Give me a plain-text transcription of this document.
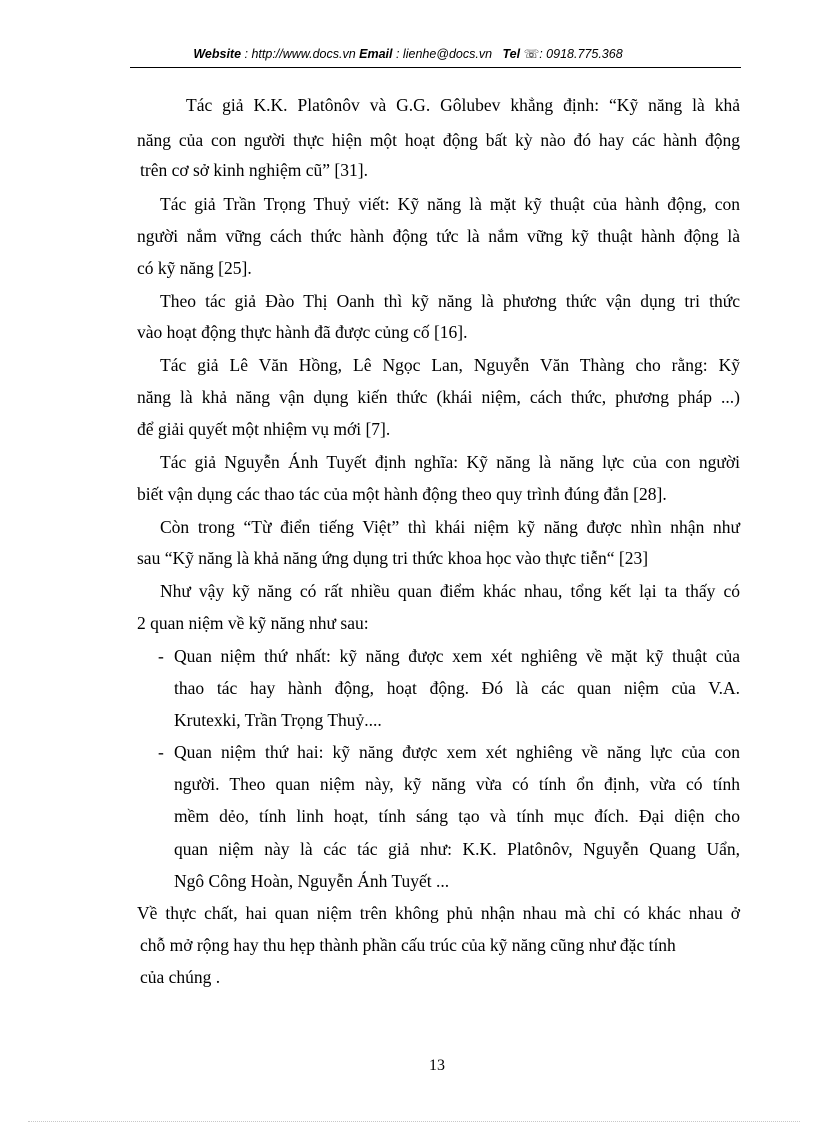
Website : http://www.docs.vn Email : lienhe@docs.vn   Tel ☏: 0918.775.368
Tác giả K.K. Platônôv và G.G. Gôlubev khẳng định: “Kỹ năng là khả
năng của con người thực hiện một hoạt động bất kỳ nào đó hay các hành động
trên cơ sở kinh nghiệm cũ” [31].
Tác giả Trần Trọng Thuỷ viết: Kỹ năng là mặt kỹ thuật của hành động, con
người nắm vững cách thức hành động tức là nắm vững kỹ thuật hành động là
có kỹ năng [25].
Theo tác giả Đào Thị Oanh thì kỹ năng là phương thức vận dụng tri thức
vào hoạt động thực hành đã được củng cố [16].
Tác giả Lê Văn Hồng, Lê Ngọc Lan, Nguyễn Văn Thàng cho rằng: Kỹ
năng là khả năng vận dụng kiến thức (khái niệm, cách thức, phương pháp ...)
để giải quyết một nhiệm vụ mới [7].
Tác giả Nguyễn Ánh Tuyết định nghĩa: Kỹ năng là năng lực của con người
biết vận dụng các thao tác của một hành động theo quy trình đúng đắn [28].
Còn trong “Từ điển tiếng Việt” thì khái niệm kỹ năng được nhìn nhận như
sau “Kỹ năng là khả năng ứng dụng tri thức khoa học vào thực tiễn“ [23]
Như vậy kỹ năng có rất nhiều quan điểm khác nhau, tổng kết lại ta thấy có
2 quan niệm về kỹ năng như sau:
- Quan niệm thứ nhất: kỹ năng được xem xét nghiêng về mặt kỹ thuật của
thao tác hay hành động, hoạt động. Đó là các quan niệm của V.A.
Krutexki, Trần Trọng Thuỷ....
- Quan niệm thứ hai: kỹ năng được xem xét nghiêng về năng lực của con
người. Theo quan niệm này, kỹ năng vừa có tính ổn định, vừa có tính
mềm dẻo, tính linh hoạt, tính sáng tạo và tính mục đích. Đại diện cho
quan niệm này là các tác giả như: K.K. Platônôv, Nguyễn Quang Uẩn,
Ngô Công Hoàn, Nguyễn Ánh Tuyết ...
Về thực chất, hai quan niệm trên không phủ nhận nhau mà chỉ có khác nhau ở
chỗ mở rộng hay thu hẹp thành phần cấu trúc của kỹ năng cũng như đặc tính
của chúng .
13
